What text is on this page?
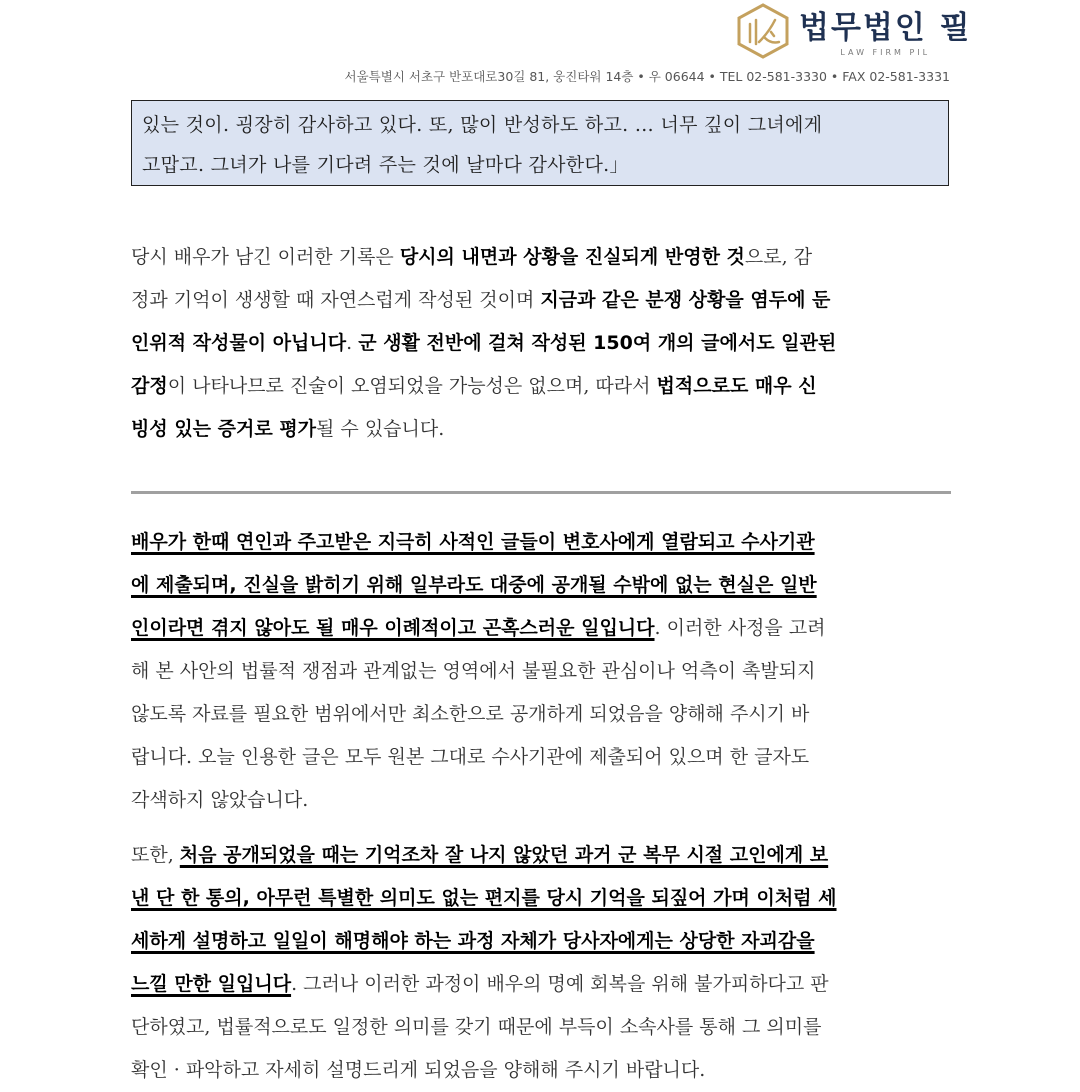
법무법인 필
LAW FIRM PIL
서울특별시 서초구 반포대로30길 81, 웅진타워 14층 • 우 06644 • TEL 02-581-3330 • FAX 02-581-3331

있는 것이. 굉장히 감사하고 있다. 또, 많이 반성하도 하고. … 너무 깊이 그녀에게

고맙고. 그녀가 나를 기다려 주는 것에 날마다 감사한다.」

당시 배우가 남긴 이러한 기록은 당시의 내면과 상황을 진실되게 반영한 것으로, 감
정과 기억이 생생할 때 자연스럽게 작성된 것이며 지금과 같은 분쟁 상황을 염두에 둔
인위적 작성물이 아닙니다. 군 생활 전반에 걸쳐 작성된 150여 개의 글에서도 일관된
감정이 나타나므로 진술이 오염되었을 가능성은 없으며, 따라서 법적으로도 매우 신
빙성 있는 증거로 평가될 수 있습니다.
배우가 한때 연인과 주고받은 지극히 사적인 글들이 변호사에게 열람되고 수사기관
에 제출되며, 진실을 밝히기 위해 일부라도 대중에 공개될 수밖에 없는 현실은 일반
인이라면 겪지 않아도 될 매우 이례적이고 곤혹스러운 일입니다. 이러한 사정을 고려
해 본 사안의 법률적 쟁점과 관계없는 영역에서 불필요한 관심이나 억측이 촉발되지
않도록 자료를 필요한 범위에서만 최소한으로 공개하게 되었음을 양해해 주시기 바
랍니다. 오늘 인용한 글은 모두 원본 그대로 수사기관에 제출되어 있으며 한 글자도
각색하지 않았습니다.
또한, 처음 공개되었을 때는 기억조차 잘 나지 않았던 과거 군 복무 시절 고인에게 보
낸 단 한 통의, 아무런 특별한 의미도 없는 편지를 당시 기억을 되짚어 가며 이처럼 세
세하게 설명하고 일일이 해명해야 하는 과정 자체가 당사자에게는 상당한 자괴감을
느낄 만한 일입니다. 그러나 이러한 과정이 배우의 명예 회복을 위해 불가피하다고 판
단하였고, 법률적으로도 일정한 의미를 갖기 때문에 부득이 소속사를 통해 그 의미를
확인 · 파악하고 자세히 설명드리게 되었음을 양해해 주시기 바랍니다.
